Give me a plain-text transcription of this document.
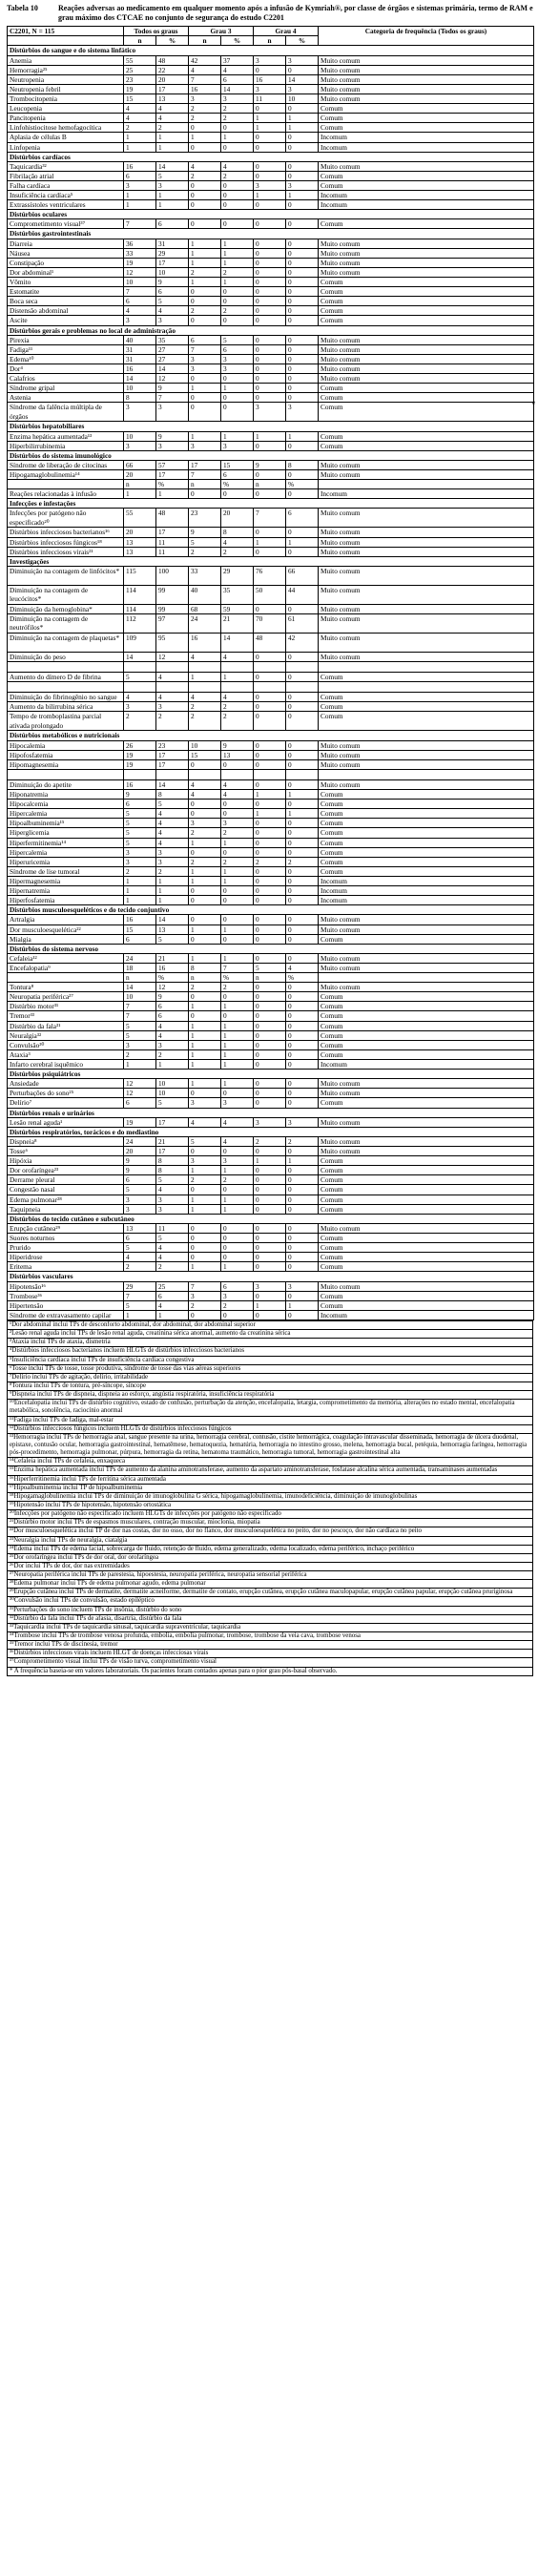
Tabela 10	Reações adversas ao medicamento em qualquer momento após a infusão de Kymriah®, por classe de órgãos e sistemas primária, termo de RAM e grau máximo dos CTCAE no conjunto de segurança do estudo C2201
C2201, N = 115	Todos os graus		Grau 3		Grau 4		Categoria de frequência (Todos os graus)
	n	%	n	%	n	%	
Distúrbios do sangue e do sistema linfático							
Anemia	55	48	42	37	3	3	Muito comum
Hemorragia²⁵	25	22	4	4	0	0	Muito comum
Neutropenia	23	20	7	6	16	14	Muito comum
Neutropenia febril	19	17	16	14	3	3	Muito comum
Trombocitopenia	15	13	3	3	11	10	Muito comum
Leucopenia	4	4	2	2	0	0	Comum
Pancitopenia	4	4	2	2	1	1	Comum
Linfohistiocitose hemofagocítica	2	2	0	0	1	1	Comum
Aplasia de células B	1	1	1	1	0	0	Incomum
Linfopenia	1	1	0	0	0	0	Incomum
Distúrbios cardíacos							
Taquicardia³²	16	14	4	4	0	0	Muito comum
Fibrilação atrial	6	5	2	2	0	0	Comum
Falha cardíaca	3	3	0	0	3	3	Comum
Insuficiência cardíaca⁵	1	1	0	0	1	1	Incomum
Extrassístoles ventriculares	1	1	0	0	0	0	Incomum
Distúrbios oculares							
Comprometimento visual³⁷	7	6	0	0	0	0	Comum
Distúrbios gastrointestinais							
Diarreia	36	31	1	1	0	0	Muito comum
Náusea	33	29	1	1	0	0	Muito comum
Constipação	19	17	1	1	0	0	Muito comum
Dor abdominal¹	12	10	2	2	0	0	Muito comum
Vômito	10	9	1	1	0	0	Comum
Estomatite	7	6	0	0	0	0	Comum
Boca seca	6	5	0	0	0	0	Comum
Distensão abdominal	4	4	2	2	0	0	Comum
Ascite	3	3	0	0	0	0	Comum
Distúrbios gerais e problemas no local de administração							
Pirexia	40	35	6	5	0	0	Muito comum
Fadiga¹¹	31	27	7	6	0	0	Muito comum
Edema¹⁰	31	27	3	3	0	0	Muito comum
Dor⁴	16	14	3	3	0	0	Muito comum
Calafrios	14	12	0	0	0	0	Muito comum
Síndrome gripal	10	9	1	1	0	0	Comum
Astenia	8	7	0	0	0	0	Comum
Síndrome da falência múltipla de órgãos	3	3	0	0	3	3	Comum
Distúrbios hepatobiliares							
Enzima hepática aumentada¹³	10	9	1	1	1	1	Comum
Hiperbilirrubinemia	3	3	3	3	0	0	Comum
Distúrbios do sistema imunológico							
Síndrome de liberação de citocinas	66	57	17	15	9	8	Muito comum
Hipogamaglobulinemia¹⁴	20	17	7	6	0	0	Muito comum
	n	%	n	%	n	%	
Reações relacionadas à infusão	1	1	0	0	0	0	Incomum
Infecções e infestações							
Infecções por patógeno não especificado²⁰	55	48	23	20	7	6	Muito comum
Distúrbios infecciosos bacterianos¹⁶	20	17	9	8	0	0	Muito comum
Distúrbios infecciosos fúngicos¹⁸	13	11	5	4	1	1	Muito comum
Distúrbios infecciosos virais²¹	13	11	2	2	0	0	Muito comum
Investigações							
Diminuição na contagem de linfócitos*	115	100	33	29	76	66	Muito comum
Diminuição na contagem de leucócitos*	114	99	40	35	50	44	Muito comum
Diminuição da hemoglobina*	114	99	68	59	0	0	Muito comum
Diminuição na contagem de neutrófilos*	112	97	24	21	70	61	Muito comum
Diminuição na contagem de plaquetas*	109	95	16	14	48	42	Muito comum
Diminuição do peso	14	12	4	4	0	0	Muito comum

Aumento do dímero D de fibrina	5	4	1	1	0	0	Comum

Diminuição do fibrinogênio no sangue	4	4	4	4	0	0	Comum
Aumento da bilirrubina sérica	3	3	2	2	0	0	Comum
Tempo de tromboplastina parcial ativada prolongado	2	2	2	2	0	0	Comum
Distúrbios metabólicos e nutricionais							
Hipocalemia	26	23	10	9	0	0	Muito comum
Hipofosfatemia	19	17	15	13	0	0	Muito comum
Hipomagnesemia	19	17	0	0	0	0	Muito comum

Diminuição do apetite	16	14	4	4	0	0	Muito comum
Hiponatremia	9	8	4	4	1	1	Comum
Hipocalcemia	6	5	0	0	0	0	Comum
Hipercalemia	5	4	0	0	1	1	Comum
Hipoalbuminemia¹⁵	5	4	3	3	0	0	Comum
Hiperglicemia	5	4	2	2	0	0	Comum
Hiperfermitinemia¹⁴	5	4	1	1	0	0	Comum
Hipercalemia	3	3	0	0	0	0	Comum
Hiperuricemia	3	3	2	2	2	2	Comum
Síndrome de lise tumoral	2	2	1	1	0	0	Comum
Hipermagnesemia	1	1	1	1	0	0	Incomum
Hipernatremia	1	1	0	0	0	0	Incomum
Hiperfosfatemia	1	1	0	0	0	0	Incomum
Distúrbios musculoesqueléticos e do tecido conjuntivo							
Artralgia	16	14	0	0	0	0	Muito comum
Dor musculoesquelética²²	15	13	1	1	0	0	Muito comum
Mialgia	6	5	0	0	0	0	Comum
Distúrbios do sistema nervoso							
Cefaleia¹²	24	21	1	1	0	0	Muito comum
Encefalopatia⁹	18	16	8	7	5	4	Muito comum
	n	%	n	%	n	%	
Tontura⁸	14	12	2	2	0	0	Muito comum
Neuropatia periférica²⁷	10	9	0	0	0	0	Comum
Distúrbio motor³¹	7	6	1	1	0	0	Comum
Tremor³³	7	6	0	0	0	0	Comum
Distúrbio da fala³¹	5	4	1	1	0	0	Comum
Neuralgia³²	5	4	1	1	0	0	Comum
Convulsão³⁰	3	3	1	1	0	0	Comum
Ataxia³	2	2	1	1	0	0	Comum
Infarto cerebral isquêmico	1	1	1	1	0	0	Incomum
Distúrbios psiquiátricos							
Ansiedade	12	10	1	1	0	0	Muito comum
Perturbações do sono²⁵	12	10	0	0	0	0	Muito comum
Delírio⁷	6	5	3	3	0	0	Comum
Distúrbios renais e urinários							
Lesão renal aguda¹	19	17	4	4	3	3	Muito comum
Distúrbios respiratórios, torácicos e do mediastino							
Dispneia⁸	24	21	5	4	2	2	Muito comum
Tosse⁶	20	17	0	0	0	0	Muito comum
Hipóxia	9	8	3	3	1	1	Comum
Dor orofaríngea²³	9	8	1	1	0	0	Comum
Derrame pleural	6	5	2	2	0	0	Comum
Congestão nasal	5	4	0	0	0	0	Comum
Edema pulmonar²⁸	3	3	1	1	0	0	Comum
Taquipneia	3	3	1	1	0	0	Comum
Distúrbios do tecido cutâneo e subcutâneo							
Erupção cutânea²⁹	13	11	0	0	0	0	Muito comum
Suores noturnos	6	5	0	0	0	0	Comum
Prurido	5	4	0	0	0	0	Comum
Hiperidrose	4	4	0	0	0	0	Comum
Eritema	2	2	1	1	0	0	Comum
Distúrbios vasculares							
Hipotensão¹⁶	29	25	7	6	3	3	Muito comum
Trombose³⁶	7	6	3	3	0	0	Comum
Hipertensão	5	4	2	2	1	1	Comum
Síndrome de extravasamento capilar	1	1	0	0	0	0	Incomum
¹Dor abdominal inclui TPs de desconforto abdominal, dor abdominal, dor abdominal superior
²Lesão renal aguda inclui TPs de lesão renal aguda, creatinina sérica anormal, aumento da creatinina sérica
³Ataxia inclui TPs de ataxia, dismetria
⁴Distúrbios infecciosos bacterianos incluem HLGTs de distúrbios infecciosos bacterianos
⁵Insuficiência cardíaca inclui TPs de insuficiência cardíaca congestiva
⁶Tosse inclui TPs de tosse, tosse produtiva, síndrome de tosse das vias aéreas superiores
⁷Delírio inclui TPs de agitação, delírio, irritabilidade
⁸Tontura inclui TPs de tontura, pré-síncope, síncope
⁹Dispneia inclui TPs de dispneia, dispneia ao esforço, angústia respiratória, insuficiência respiratória
¹⁰Encefalopatia inclui TPs de distúrbio cognitivo, estado de confusão, perturbação da atenção, encefalopatia, letargia, comprometimento da memória, alterações no estado mental, encefalopatia metabólica, sonolência, raciocínio anormal
¹¹Fadiga inclui TPs de fadiga, mal-estar
¹²Distúrbios infecciosos fúngicos incluem HLGTs de distúrbios infecciosos fúngicos
¹³Hemorragia inclui TPs de hemorragia anal, sangue presente na urina, hemorragia cerebral, contusão, cistite hemorrágica, coagulação intravascular disseminada, hemorragia de úlcera duodenal, epistaxe, contusão ocular, hemorragia gastrointestinal, hematêmese, hematoquezia, hematúria, hemorragia no intestino grosso, melena, hemorragia bucal, petéquia, hemorragia faríngea, hemorragia pós-procedimento, hemorragia pulmonar, púrpura, hemorragia da retina, hematoma traumático, hemorragia tumoral, hemorragia gastrointestinal alta
¹⁴Cefaleia inclui TPs de cefaleia, enxaqueca
¹⁵Enzima hepática aumentada inclui TPs de aumento da alanina aminotransferase, aumento da aspartato aminotransferase, fosfatase alcalina sérica aumentada, transaminases aumentadas
¹⁶Hiperferritinemia inclui TPs de ferritina sérica aumentada
¹⁷Hipoalbuminemia inclui TP de hipoalbuminemia
¹⁸Hipogamaglobulinemia inclui TPs de diminuição de imunoglobulina G sérica, hipogamaglobulinemia, imunodeficiência, diminuição de imunoglobulinas
¹⁹Hipotensão inclui TPs de hipotensão, hipotensão ortostática
²⁰Infecções por patógeno não especificado incluem HLGTs de infecções por patógeno não especificado
²¹Distúrbio motor inclui TPs de espasmos musculares, contração muscular, mioclonia, miopatia
²²Dor musculoesquelética inclui TP de dor nas costas, dor no osso, dor no flanco, dor musculoesquelética no peito, dor no pescoço, dor não cardíaca no peito
²³Neuralgia inclui TPs de neuralgia, ciatalgia
²⁴Edema inclui TPs de edema facial, sobrecarga de fluido, retenção de fluido, edema generalizado, edema localizado, edema periférico, inchaço periférico
²⁵Dor orofaríngea inclui TPs de dor oral, dor orofaríngea
²⁶Dor inclui TPs de dor, dor nas extremidades
²⁷Neuropatia periférica inclui TPs de parestesia, hipoestesia, neuropatia periférica, neuropatia sensorial periférica
²⁸Edema pulmonar inclui TPs de edema pulmonar agudo, edema pulmonar
²⁹Erupção cutânea inclui TPs de dermatite, dermatite acneiforme, dermatite de contato, erupção cutânea, erupção cutânea maculopapular, erupção cutânea papular, erupção cutânea pruriginosa
³⁰Convulsão inclui TPs de convulsão, estado epiléptico
³¹Perturbações do sono incluem TPs de insônia, distúrbio do sono
³²Distúrbio da fala inclui TPs de afasia, disartria, distúrbio da fala
³³Taquicardia inclui TPs de taquicardia sinusal, taquicardia supraventricular, taquicardia
³⁴Trombose inclui TPs de trombose venosa profunda, embolia, embolia pulmonar, trombose, trombose da veia cava, trombose venosa
³⁵Tremor inclui TPs de discinesia, tremor
³⁶Distúrbios infecciosos virais incluem HLGT de doenças infecciosas virais
³⁷Comprometimento visual inclui TPs de visão turva, comprometimento visual
* A frequência baseia-se em valores laboratoriais. Os pacientes foram contados apenas para o pior grau pós-basal observado.
e
